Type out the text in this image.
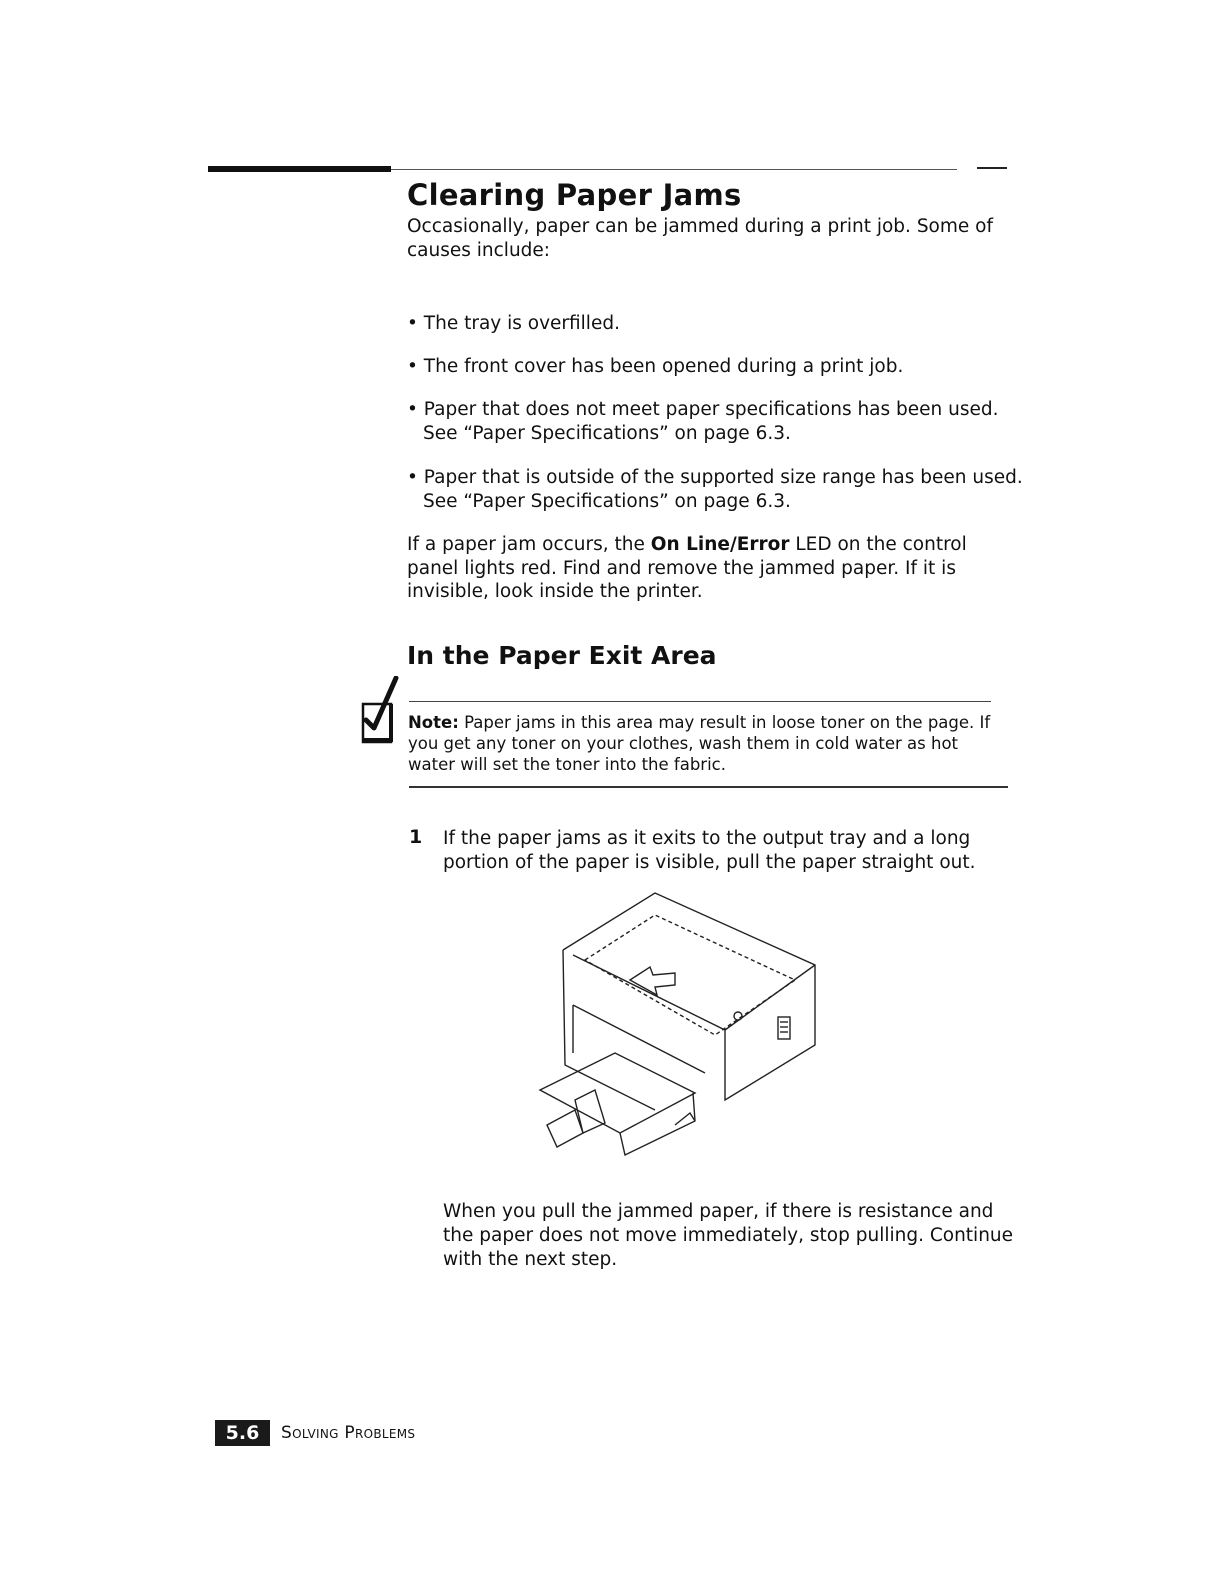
Clearing Paper Jams

Occasionally, paper can be jammed during a print job. Some of causes include:

• The tray is overfilled.

• The front cover has been opened during a print job.

• Paper that does not meet paper specifications has been used. See “Paper Specifications” on page 6.3.

• Paper that is outside of the supported size range has been used. See “Paper Specifications” on page 6.3.

If a paper jam occurs, the On Line/Error LED on the control panel lights red. Find and remove the jammed paper. If it is invisible, look inside the printer.

In the Paper Exit Area

Note: Paper jams in this area may result in loose toner on the page. If you get any toner on your clothes, wash them in cold water as hot water will set the toner into the fabric.

1 If the paper jams as it exits to the output tray and a long portion of the paper is visible, pull the paper straight out.

When you pull the jammed paper, if there is resistance and the paper does not move immediately, stop pulling. Continue with the next step.

5.6	Solving Problems
